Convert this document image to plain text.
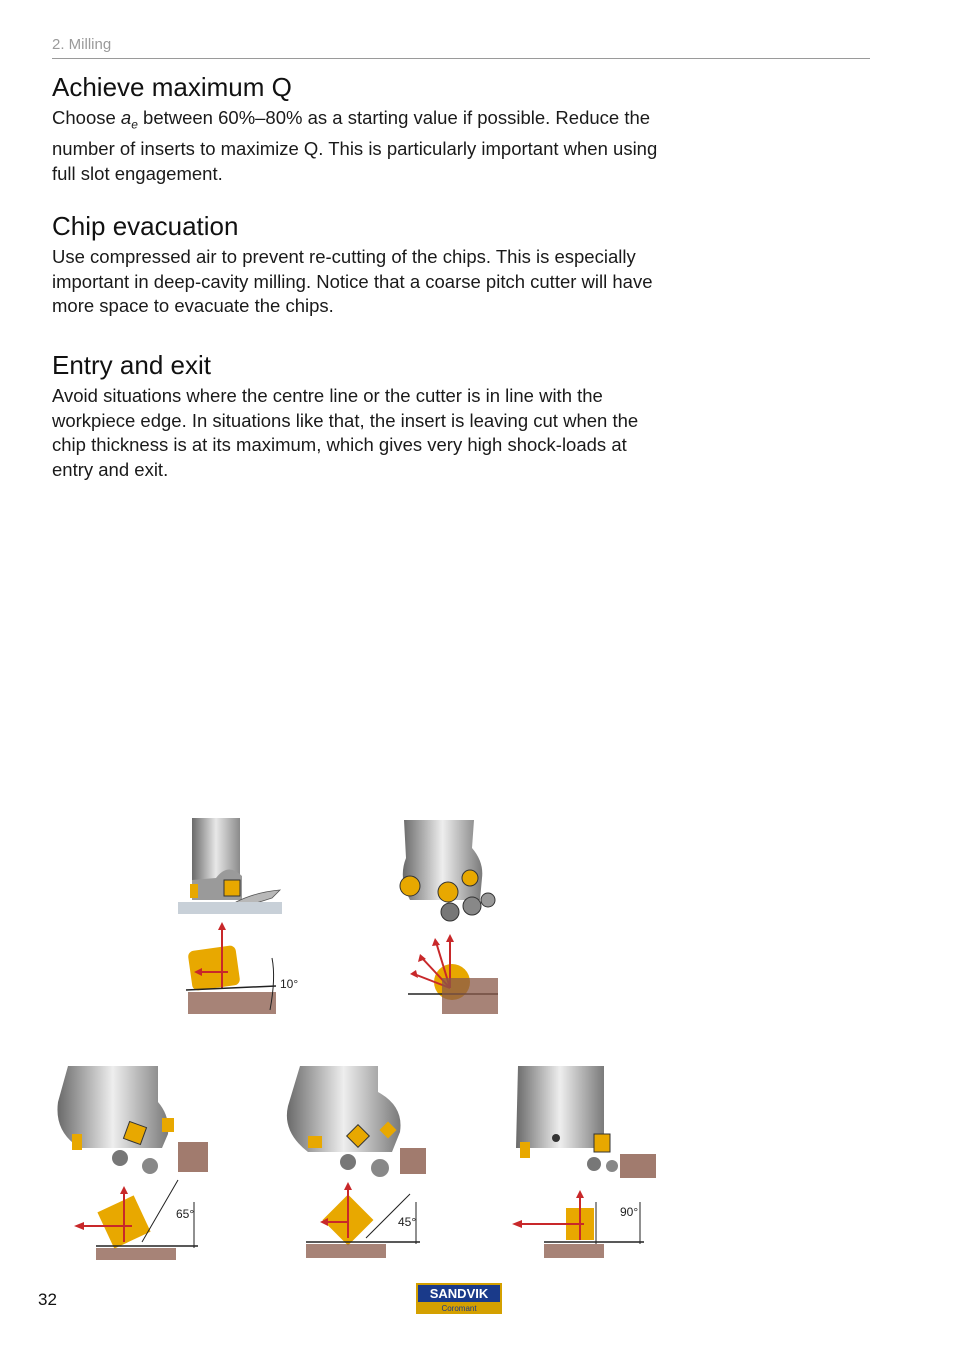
2. Milling
Achieve maximum Q

Choose $a_e$ between 60%–80% as a starting value if possible. Reduce the number of inserts to maximize Q. This is particularly important when using full slot engagement.

Chip evacuation

Use compressed air to prevent re-cutting of the chips. This is especially important in deep-cavity milling. Notice that a coarse pitch cutter will have more space to evacuate the chips.

Entry and exit

Avoid situations where the centre line or the cutter is in line with the workpiece edge. In situations like that, the insert is leaving cut when the chip thickness is at its maximum, which gives very high shock-loads at entry and exit.

10°
65°
45°
90°
32	SANDVIK
Coromant
